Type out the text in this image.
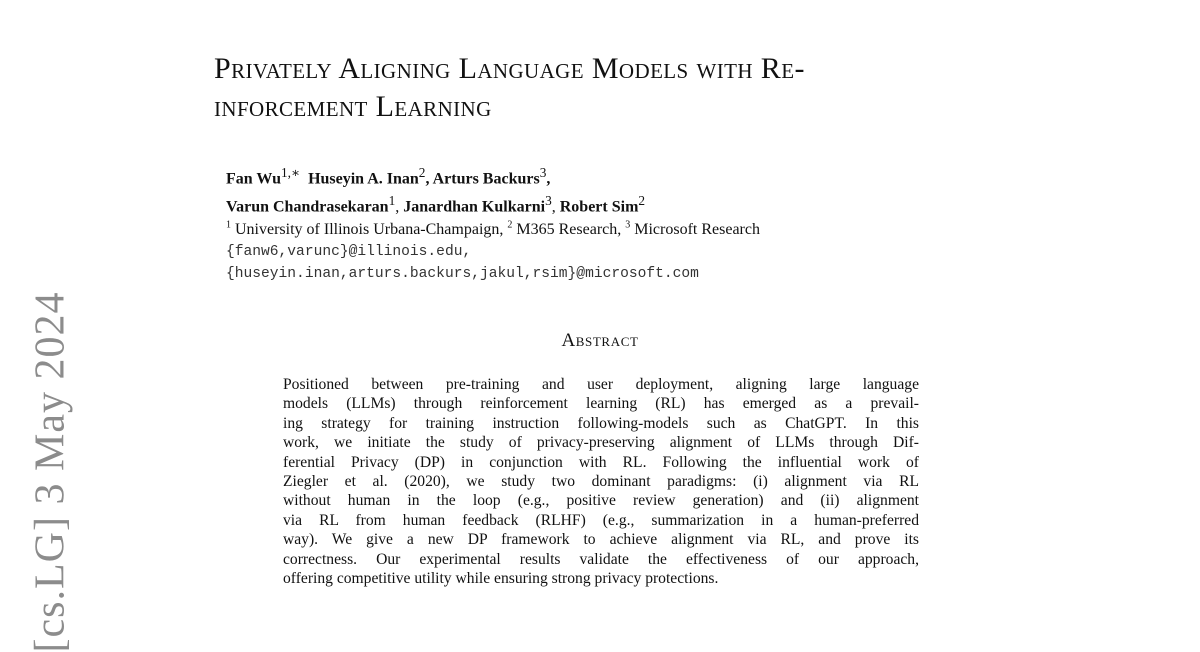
[cs.LG] 3 May 2024
Privately Aligning Language Models with Re-
inforcement Learning
Fan $Wu^{1,∗}$ Huseyin A. Inan$^2$, Arturs Backurs$^3$,
Varun Chandrasekaran$^1$, Janardhan Kulkarni$^3$, Robert Sim$^2$
$^1$ University of Illinois Urbana-Champaign, $^2$ M365 Research, $^3$ Microsoft Research
{fanw6,varunc}@illinois.edu,
{huseyin.inan,arturs.backurs,jakul,rsim}@microsoft.com
Abstract

Positioned between pre-training and user deployment, aligning large language
models (LLMs) through reinforcement learning (RL) has emerged as a prevail-
ing strategy for training instruction following-models such as ChatGPT. In this
work, we initiate the study of privacy-preserving alignment of LLMs through Dif-
ferential Privacy (DP) in conjunction with RL. Following the influential work of
Ziegler et al. (2020), we study two dominant paradigms: (i) alignment via RL
without human in the loop (e.g., positive review generation) and (ii) alignment
via RL from human feedback (RLHF) (e.g., summarization in a human-preferred
way). We give a new DP framework to achieve alignment via RL, and prove its
correctness. Our experimental results validate the effectiveness of our approach,
offering competitive utility while ensuring strong privacy protections.
